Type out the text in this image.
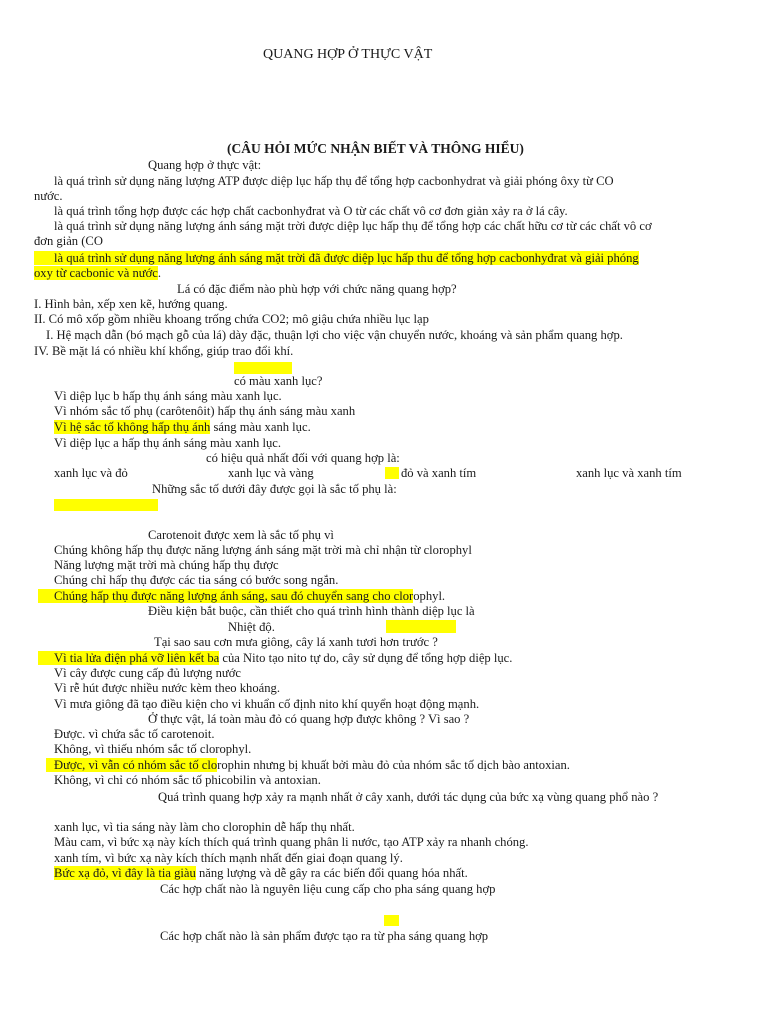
QUANG HỢP Ở THỰC VẬT
(CÂU HỎI MỨC NHẬN BIẾT VÀ THÔNG HIỂU)
Quang hợp ở thực vật:
là quá trình sử dụng năng lượng ATP được diệp lục hấp thụ để tổng hợp cacbonhydrat và giải phóng ôxy từ CO
nước.
là quá trình tổng hợp được các hợp chất cacbonhyđrat và O từ các chất vô cơ đơn giản xảy ra ở lá cây.
là quá trình sử dụng năng lượng ánh sáng mặt trời được diệp lục hấp thụ để tổng hợp các chất hữu cơ từ các chất vô cơ
đơn giản (CO
là quá trình sử dụng năng lượng ánh sáng mặt trời đã được diệp lục hấp thu để tổng hợp cacbonhyđrat và giải phóng
oxy từ cacbonic và nước.
Lá có đặc điểm nào phù hợp với chức năng quang hợp?
I. Hình bản, xếp xen kẽ, hướng quang.
II. Có mô xốp gồm nhiều khoang trống chứa CO2; mô giậu chứa nhiều lục lạp
I. Hệ mạch dẫn (bó mạch gỗ của lá) dày đặc, thuận lợi cho việc vận chuyển nước, khoáng và sản phẩm quang hợp.
IV. Bề mặt lá có nhiều khí khổng, giúp trao đổi khí.
có màu xanh lục?
Vì diệp lục b hấp thụ ánh sáng màu xanh lục.
Vì nhóm sắc tố phụ (carôtenôit) hấp thụ ánh sáng màu xanh
Vì hệ sắc tố không hấp thụ ánh sáng màu xanh lục.
Vì diệp lục a hấp thụ ánh sáng màu xanh lục.
có hiệu quả nhất đối với quang hợp là:
xanh lục và đỏ	xanh lục và vàng	đỏ và xanh tím	xanh lục và xanh tím
Những sắc tố dưới đây được gọi là sắc tố phụ là:
Carotenoit được xem là sắc tố phụ vì
Chúng không hấp thụ được năng lượng ánh sáng mặt trời mà chỉ nhận từ clorophyl
Năng lượng mặt trời mà chúng hấp thụ được
Chúng chỉ hấp thụ được các tia sáng có bước song ngắn.
Chúng hấp thụ được năng lượng ánh sáng, sau đó chuyển sang cho clorophyl.
Điều kiện bắt buộc, cần thiết cho quá trình hình thành diệp lục là
Nhiệt độ.
Tại sao sau cơn mưa giông, cây lá xanh tươi hơn trước ?
Vì tia lửa điện phá vỡ liên kết ba của Nito tạo nito tự do, cây sử dụng để tổng hợp diệp lục.
Vì cây được cung cấp đủ lượng nước
Vì rễ hút được nhiều nước kèm theo khoáng.
Vì mưa giông đã tạo điều kiện cho vi khuẩn cố định nito khí quyển hoạt động mạnh.
Ở thực vật, lá toàn màu đỏ có quang hợp được không ? Vì sao ?
Được. vì chứa sắc tố carotenoit.
Không, vì thiếu nhóm sắc tố clorophyl.
Được, vì vẫn có nhóm sắc tố clorophin nhưng bị khuất bởi màu đỏ của nhóm sắc tố dịch bào antoxian.
Không, vì chỉ có nhóm sắc tố phicobilin và antoxian.
Quá trình quang hợp xảy ra mạnh nhất ở cây xanh, dưới tác dụng của bức xạ vùng quang phổ nào ?
xanh lục, vì tia sáng này làm cho clorophin dễ hấp thụ nhất.
Màu cam, vì bức xạ này kích thích quá trình quang phân li nước, tạo ATP xảy ra nhanh chóng.
xanh tím, vì bức xạ này kích thích mạnh nhất đến giai đoạn quang lý.
Bức xạ đỏ, vì đây là tia giàu năng lượng và dễ gây ra các biến đổi quang hóa nhất.
Các hợp chất nào là nguyên liệu cung cấp cho pha sáng quang hợp
Các hợp chất nào là sản phẩm được tạo ra từ pha sáng quang hợp
